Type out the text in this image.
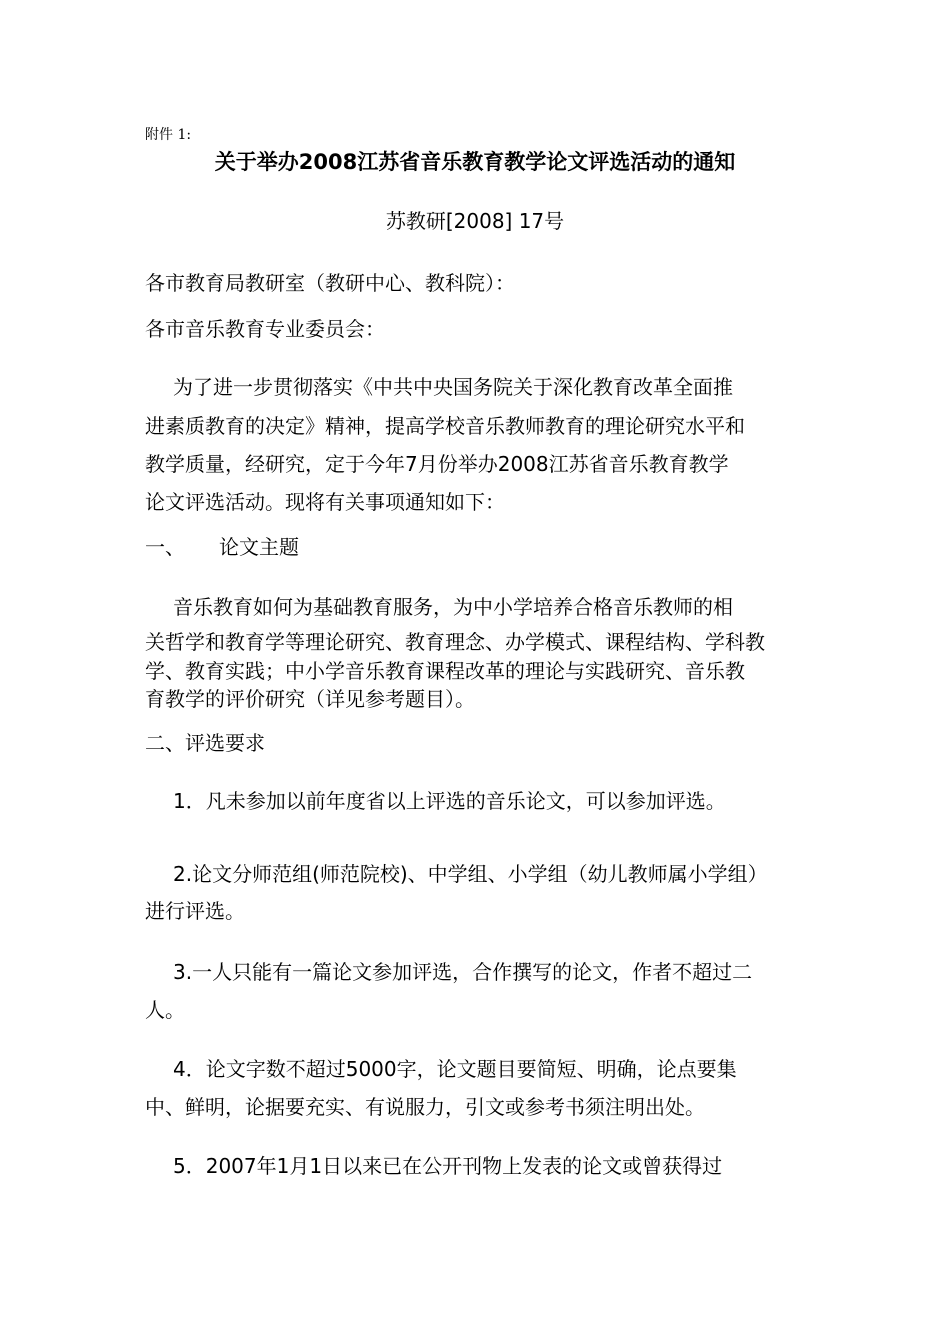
附件 1:
关于举办2008江苏省音乐教育教学论文评选活动的通知
苏教研[2008] 17号
各市教育局教研室（教研中心、教科院）：
各市音乐教育专业委员会：
为了进一步贯彻落实《中共中央国务院关于深化教育改革全面推
进素质教育的决定》精神，提高学校音乐教师教育的理论研究水平和
教学质量，经研究，定于今年7月份举办2008江苏省音乐教育教学
论文评选活动。现将有关事项通知如下：
一、 论文主题
音乐教育如何为基础教育服务，为中小学培养合格音乐教师的相
关哲学和教育学等理论研究、教育理念、办学模式、课程结构、学科教
学、教育实践；中小学音乐教育课程改革的理论与实践研究、音乐教
育教学的评价研究（详见参考题目）。
二、评选要求
1．凡未参加以前年度省以上评选的音乐论文，可以参加评选。
2.论文分师范组(师范院校)、中学组、小学组（幼儿教师属小学组）
进行评选。
3.一人只能有一篇论文参加评选，合作撰写的论文，作者不超过二
人。
4．论文字数不超过5000字，论文题目要简短、明确，论点要集
中、鲜明，论据要充实、有说服力，引文或参考书须注明出处。
5．2007年1月1日以来已在公开刊物上发表的论文或曾获得过
